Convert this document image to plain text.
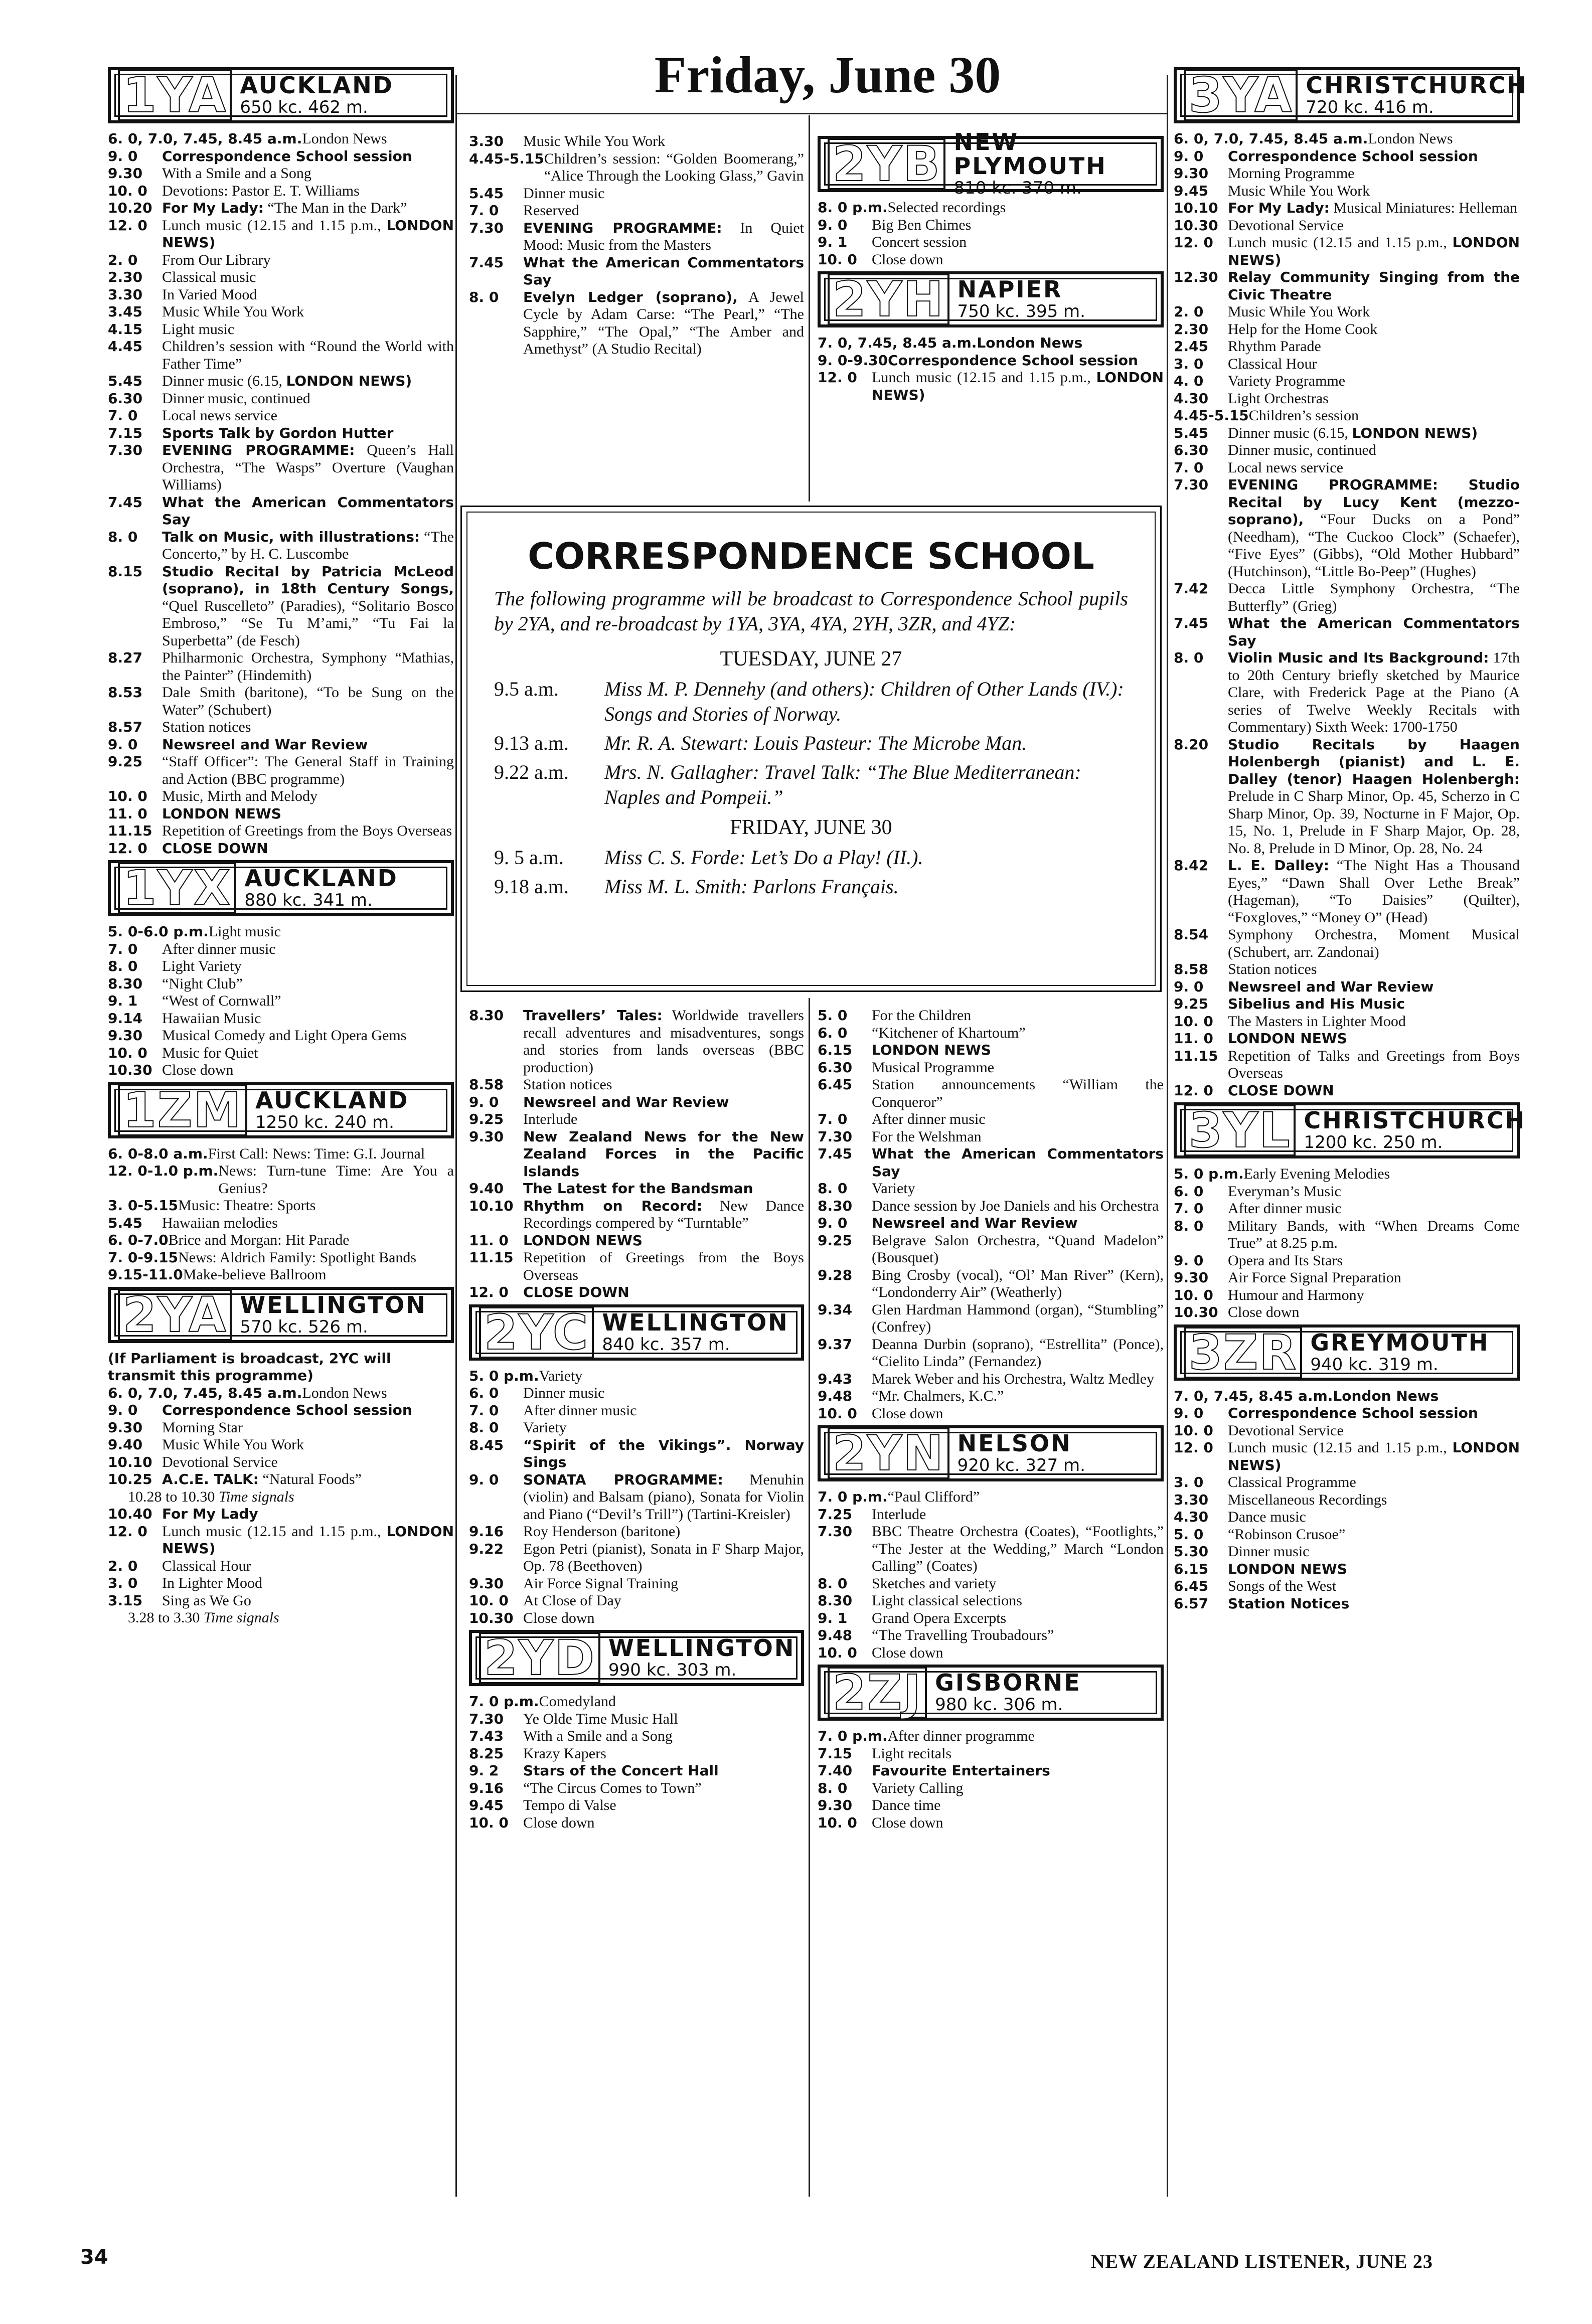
Friday, June 30
1YA AUCKLAND
650 kc. 462 m.
6. 0, 7.0, 7.45, 8.45 a.m. London News
9. 0	Correspondence School session
9.30	With a Smile and a Song
10. 0 Devotions: Pastor E. T. Williams
10.20 For My Lady: “The Man in the Dark”
12. 0 Lunch music (12.15 and 1.15 p.m., LONDON NEWS)
2. 0	From Our Library
2.30	Classical music
3.30	In Varied Mood
3.45	Music While You Work
4.15	Light music
4.45	Children’s session with “Round the World with Father Time”
5.45	Dinner music (6.15, LONDON NEWS)
6.30	Dinner music, continued
7. 0	Local news service
7.15	Sports Talk by Gordon Hutter
7.30	EVENING PROGRAMME: Queen’s Hall Orchestra, “The Wasps” Overture (Vaughan Williams)
7.45	What the American Commentators Say
8. 0	Talk on Music, with illustrations: “The Concerto,” by H. C. Luscombe
8.15	Studio Recital by Patricia McLeod (soprano), in 18th Century Songs, “Quel Ruscelleto” (Paradies), “Solitario Bosco Embroso,” “Se Tu M’ami,” “Tu Fai la Superbetta” (de Fesch)
8.27	Philharmonic Orchestra, Symphony “Mathias, the Painter” (Hindemith)
8.53	Dale Smith (baritone), “To be Sung on the Water” (Schubert)
8.57	Station notices
9. 0	Newsreel and War Review
9.25	“Staff Officer”: The General Staff in Training and Action (BBC programme)
10. 0 Music, Mirth and Melody
11. 0	LONDON NEWS
11.15 Repetition of Greetings from the Boys Overseas
12. 0	CLOSE DOWN
1YX AUCKLAND
880 kc. 341 m.
5. 0-6.0 p.m. Light music
7. 0	After dinner music
8. 0	Light Variety
8.30	“Night Club”
9. 1	“West of Cornwall”
9.14	Hawaiian Music
9.30	Musical Comedy and Light Opera Gems
10. 0 Music for Quiet
10.30 Close down
1ZM AUCKLAND
1250 kc. 240 m.
6. 0-8.0 a.m. First Call: News: Time: G.I. Journal
12. 0-1.0 p.m. News: Turn-tune Time: Are You a Genius?
3. 0-5.15 Music: Theatre: Sports
5.45	Hawaiian melodies
6. 0-7.0 Brice and Morgan: Hit Parade
7. 0-9.15 News: Aldrich Family: Spotlight Bands
9.15-11.0 Make-believe Ballroom
2YA WELLINGTON
570 kc. 526 m.
(If Parliament is broadcast, 2YC will transmit this programme)
6. 0, 7.0, 7.45, 8.45 a.m. London News
9. 0	Correspondence School session
9.30	Morning Star
9.40	Music While You Work
10.10 Devotional Service
10.25 A.C.E. TALK: “Natural Foods”
10.28 to 10.30 Time signals
10.40 For My Lady
12. 0 Lunch music (12.15 and 1.15 p.m., LONDON NEWS)
2. 0	Classical Hour
3. 0	In Lighter Mood
3.15	Sing as We Go
3.28 to 3.30 Time signals
3.30	Music While You Work
4.45-5.15 Children’s session: “Golden Boomerang,” “Alice Through the Looking Glass,” Gavin
5.45	Dinner music
7. 0	Reserved
7.30	EVENING PROGRAMME: In Quiet Mood: Music from the Masters
7.45	What the American Commentators Say
8. 0	Evelyn Ledger (soprano), A Jewel Cycle by Adam Carse: “The Pearl,” “The Sapphire,” “The Opal,” “The Amber and Amethyst” (A Studio Recital)
2YB NEW PLYMOUTH
810 kc. 370 m.
8. 0 p.m. Selected recordings
9. 0	Big Ben Chimes
9. 1	Concert session
10. 0 Close down
2YH NAPIER
750 kc. 395 m.
7. 0, 7.45, 8.45 a.m. London News
9. 0-9.30 Correspondence School session
12. 0 Lunch music (12.15 and 1.15 p.m., LONDON NEWS)
CORRESPONDENCE SCHOOL

The following programme will be broadcast to Correspondence School pupils by 2YA, and re-broadcast by 1YA, 3YA, 4YA, 2YH, 3ZR, and 4YZ:

TUESDAY, JUNE 27
9.5 a.m.	Miss M. P. Dennehy (and others): Children of Other Lands (IV.): Songs and Stories of Norway.
9.13 a.m.	Mr. R. A. Stewart: Louis Pasteur: The Microbe Man.
9.22 a.m.	Mrs. N. Gallagher: Travel Talk: “The Blue Mediterranean: Naples and Pompeii.”
FRIDAY, JUNE 30
9. 5 a.m.	Miss C. S. Forde: Let’s Do a Play! (II.).
9.18 a.m.	Miss M. L. Smith: Parlons Français.
8.30	Travellers’ Tales: Worldwide travellers recall adventures and misadventures, songs and stories from lands overseas (BBC production)
8.58	Station notices
9. 0	Newsreel and War Review
9.25	Interlude
9.30	New Zealand News for the New Zealand Forces in the Pacific Islands
9.40	The Latest for the Bandsman
10.10 Rhythm on Record: New Dance Recordings compered by “Turntable”
11. 0	LONDON NEWS
11.15 Repetition of Greetings from the Boys Overseas
12. 0	CLOSE DOWN
2YC WELLINGTON
840 kc. 357 m.
5. 0 p.m. Variety
6. 0	Dinner music
7. 0	After dinner music
8. 0	Variety
8.45	“Spirit of the Vikings”. Norway Sings
9. 0	SONATA PROGRAMME: Menuhin (violin) and Balsam (piano), Sonata for Violin and Piano (“Devil’s Trill”) (Tartini-Kreisler)
9.16	Roy Henderson (baritone)
9.22	Egon Petri (pianist), Sonata in F Sharp Major, Op. 78 (Beethoven)
9.30	Air Force Signal Training
10. 0 At Close of Day
10.30 Close down
2YD WELLINGTON
990 kc. 303 m.
7. 0 p.m. Comedyland
7.30	Ye Olde Time Music Hall
7.43	With a Smile and a Song
8.25	Krazy Kapers
9. 2	Stars of the Concert Hall
9.16	“The Circus Comes to Town”
9.45	Tempo di Valse
10. 0 Close down
5. 0	For the Children
6. 0	“Kitchener of Khartoum”
6.15	LONDON NEWS
6.30	Musical Programme
6.45	Station announcements “William the Conqueror”
7. 0	After dinner music
7.30	For the Welshman
7.45	What the American Commentators Say
8. 0	Variety
8.30	Dance session by Joe Daniels and his Orchestra
9. 0	Newsreel and War Review
9.25	Belgrave Salon Orchestra, “Quand Madelon” (Bousquet)
9.28	Bing Crosby (vocal), “Ol’ Man River” (Kern), “Londonderry Air” (Weatherly)
9.34	Glen Hardman Hammond (organ), “Stumbling” (Confrey)
9.37	Deanna Durbin (soprano), “Estrellita” (Ponce), “Cielito Linda” (Fernandez)
9.43	Marek Weber and his Orchestra, Waltz Medley
9.48	“Mr. Chalmers, K.C.”
10. 0 Close down
2YN NELSON
920 kc. 327 m.
7. 0 p.m. “Paul Clifford”
7.25	Interlude
7.30	BBC Theatre Orchestra (Coates), “Footlights,” “The Jester at the Wedding,” March “London Calling” (Coates)
8. 0	Sketches and variety
8.30	Light classical selections
9. 1	Grand Opera Excerpts
9.48	“The Travelling Troubadours”
10. 0 Close down
2ZJ GISBORNE
980 kc. 306 m.
7. 0 p.m. After dinner programme
7.15	Light recitals
7.40	Favourite Entertainers
8. 0	Variety Calling
9.30	Dance time
10. 0 Close down
3YA CHRISTCHURCH
720 kc. 416 m.
6. 0, 7.0, 7.45, 8.45 a.m. London News
9. 0	Correspondence School session
9.30	Morning Programme
9.45	Music While You Work
10.10 For My Lady: Musical Miniatures: Helleman
10.30 Devotional Service
12. 0 Lunch music (12.15 and 1.15 p.m., LONDON NEWS)
12.30 Relay Community Singing from the Civic Theatre
2. 0	Music While You Work
2.30	Help for the Home Cook
2.45	Rhythm Parade
3. 0	Classical Hour
4. 0	Variety Programme
4.30	Light Orchestras
4.45-5.15 Children’s session
5.45	Dinner music (6.15, LONDON NEWS)
6.30	Dinner music, continued
7. 0	Local news service
7.30	EVENING PROGRAMME: Studio Recital by Lucy Kent (mezzo-soprano), “Four Ducks on a Pond” (Needham), “The Cuckoo Clock” (Schaefer), “Five Eyes” (Gibbs), “Old Mother Hubbard” (Hutchinson), “Little Bo-Peep” (Hughes)
7.42	Decca Little Symphony Orchestra, “The Butterfly” (Grieg)
7.45	What the American Commentators Say
8. 0	Violin Music and Its Background: 17th to 20th Century briefly sketched by Maurice Clare, with Frederick Page at the Piano (A series of Twelve Weekly Recitals with Commentary) Sixth Week: 1700-1750
8.20	Studio Recitals by Haagen Holenbergh (pianist) and L. E. Dalley (tenor) Haagen Holenbergh: Prelude in C Sharp Minor, Op. 45, Scherzo in C Sharp Minor, Op. 39, Nocturne in F Major, Op. 15, No. 1, Prelude in F Sharp Major, Op. 28, No. 8, Prelude in D Minor, Op. 28, No. 24
8.42	L. E. Dalley: “The Night Has a Thousand Eyes,” “Dawn Shall Over Lethe Break” (Hageman), “To Daisies” (Quilter), “Foxgloves,” “Money O” (Head)
8.54	Symphony Orchestra, Moment Musical (Schubert, arr. Zandonai)
8.58	Station notices
9. 0	Newsreel and War Review
9.25	Sibelius and His Music
10. 0 The Masters in Lighter Mood
11. 0	LONDON NEWS
11.15 Repetition of Talks and Greetings from Boys Overseas
12. 0	CLOSE DOWN
3YL CHRISTCHURCH
1200 kc. 250 m.
5. 0 p.m. Early Evening Melodies
6. 0	Everyman’s Music
7. 0	After dinner music
8. 0	Military Bands, with “When Dreams Come True” at 8.25 p.m.
9. 0	Opera and Its Stars
9.30	Air Force Signal Preparation
10. 0 Humour and Harmony
10.30 Close down
3ZR GREYMOUTH
940 kc. 319 m.
7. 0, 7.45, 8.45 a.m. London News
9. 0	Correspondence School session
10. 0 Devotional Service
12. 0 Lunch music (12.15 and 1.15 p.m., LONDON NEWS)
3. 0	Classical Programme
3.30	Miscellaneous Recordings
4.30	Dance music
5. 0	“Robinson Crusoe”
5.30	Dinner music
6.15	LONDON NEWS
6.45	Songs of the West
6.57	Station Notices
34	NEW ZEALAND LISTENER, JUNE 23
